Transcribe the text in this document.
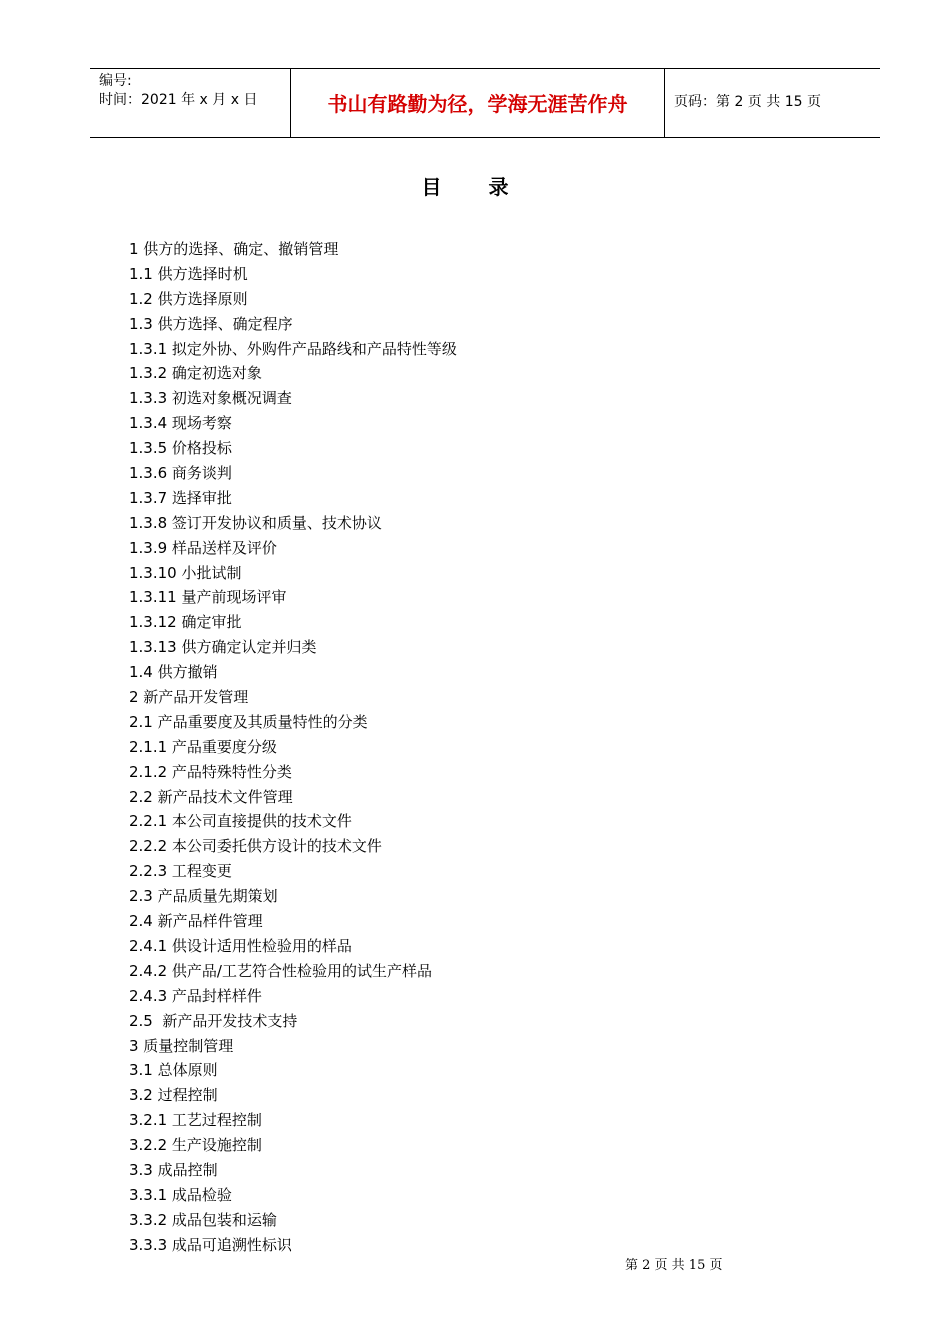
编号:
时间：2021 年 x 月 x 日	书山有路勤为径，学海无涯苦作舟	页码：第 2 页 共 15 页
目 录
1 供方的选择、确定、撤销管理
1.1 供方选择时机
1.2 供方选择原则
1.3 供方选择、确定程序
1.3.1 拟定外协、外购件产品路线和产品特性等级
1.3.2 确定初选对象
1.3.3 初选对象概况调查
1.3.4 现场考察
1.3.5 价格投标
1.3.6 商务谈判
1.3.7 选择审批
1.3.8 签订开发协议和质量、技术协议
1.3.9 样品送样及评价
1.3.10 小批试制
1.3.11 量产前现场评审
1.3.12 确定审批
1.3.13 供方确定认定并归类
1.4 供方撤销
2 新产品开发管理
2.1 产品重要度及其质量特性的分类
2.1.1 产品重要度分级
2.1.2 产品特殊特性分类
2.2 新产品技术文件管理
2.2.1 本公司直接提供的技术文件
2.2.2 本公司委托供方设计的技术文件
2.2.3 工程变更
2.3 产品质量先期策划
2.4 新产品样件管理
2.4.1 供设计适用性检验用的样品
2.4.2 供产品/工艺符合性检验用的试生产样品
2.4.3 产品封样样件
2.5  新产品开发技术支持
3 质量控制管理
3.1 总体原则
3.2 过程控制
3.2.1 工艺过程控制
3.2.2 生产设施控制
3.3 成品控制
3.3.1 成品检验
3.3.2 成品包装和运输
3.3.3 成品可追溯性标识
第 2 页 共 15 页
